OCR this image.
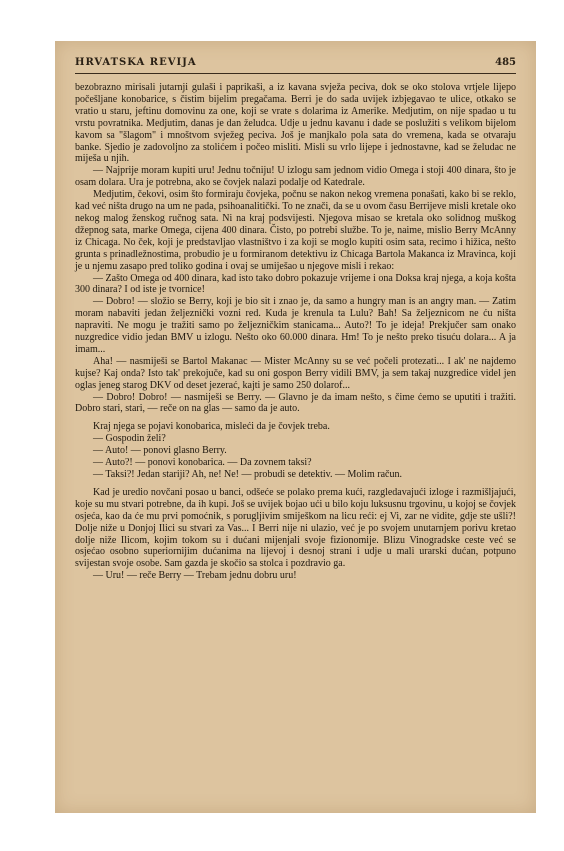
HRVATSKA REVIJA	485

bezobrazno mirisali jutarnji gulaši i paprikaši, a iz kavana svježa peciva, dok se oko stolova vrtjele lijepo počešljane konobarice, s čistim bijelim pregačama. Berri je do sada uvijek izbjegavao te ulice, otkako se vratio u staru, jeftinu domovinu za one, koji se vrate s dolarima iz Amerike. Medjutim, on nije spadao u tu vrstu povratnika. Medjutim, danas je dan želudca. Udje u jednu kavanu i dade se poslužiti s velikom bijelom kavom sa "šlagom" i mnoštvom svježeg peciva. Još je manjkalo pola sata do vremena, kada se otvaraju banke. Sjedio je zadovoljno za stolićem i počeo misliti. Misli su vrlo lijepe i jednostavne, kad se želudac ne miješa u njih.

— Najprije moram kupiti uru! Jednu točniju! U izlogu sam jednom vidio Omega i stoji 400 dinara, što je osam dolara. Ura je potrebna, ako se čovjek nalazi podalje od Katedrale.

Medjutim, čekovi, osim što formiraju čovjeka, počnu se nakon nekog vremena ponašati, kako bi se reklo, kad već ništa drugo na um ne pada, psihoanalitički. To ne znači, da se u ovom času Berrijeve misli kretale oko nekog malog ženskog ručnog sata. Ni na kraj podsvijesti. Njegova misao se kretala oko solidnog muškog džepnog sata, marke Omega, cijena 400 dinara. Čisto, po potrebi službe. To je, naime, mislio Berry McAnny iz Chicaga. No ček, koji je predstavljao vlastništvo i za koji se moglo kupiti osim sata, recimo i hižica, nešto grunta s prinadležnostima, probudio je u formiranom detektivu iz Chicaga Bartola Makanca iz Mravinca, koji je u njemu zasapo pred toliko godina i ovaj se umiješao u njegove misli i rekao:

— Zašto Omega od 400 dinara, kad isto tako dobro pokazuje vrijeme i ona Doksa kraj njega, a koja košta 300 dinara? I od iste je tvornice!

— Dobro! — složio se Berry, koji je bio sit i znao je, da samo a hungry man is an angry man. — Zatim moram nabaviti jedan željeznički vozni red. Kuda je krenula ta Lulu? Bah! Sa željeznicom ne ću ništa napraviti. Ne mogu je tražiti samo po željezničkim stanicama... Auto?! To je ideja! Prekjučer sam onako nuzgredice vidio jedan BMV u izlogu. Nešto oko 60.000 dinara. Hm! To je nešto preko tisuću dolara... A ja imam...

Aha! — nasmiješi se Bartol Makanac — Mister McAnny su se već počeli protezati... I ak' ne najdemo kujse? Kaj onda? Isto tak' prekojuče, kad su oni gospon Berry vidili BMV, ja sem takaj nuzgredice videl jen oglas jeneg starog DKV od deset jezerać, kajti je samo 250 dolarof...

— Dobro! Dobro! — nasmiješi se Berry. — Glavno je da imam nešto, s čime ćemo se uputiti i tražiti. Dobro stari, stari, — reče on na glas — samo da je auto.

Kraj njega se pojavi konobarica, misleći da je čovjek treba.

— Gospodin želi?

— Auto! — ponovi glasno Berry.

— Auto?! — ponovi konobarica. — Da zovnem taksi?

— Taksi?! Jedan stariji? Ah, ne! Ne! — probudi se detektiv. — Molim račun.

Kad je uredio novčani posao u banci, odšeće se polako prema kući, razgledavajući izloge i razmišljajući, koje su mu stvari potrebne, da ih kupi. Još se uvijek bojao ući u bilo koju luksusnu trgovinu, u kojoj se čovjek osjeća, kao da će mu prvi pomoćnik, s porugljivim smiješkom na licu reći: ej Vi, zar ne vidite, gdje ste ušli?! Dolje niže u Donjoj Ilici su stvari za Vas... I Berri nije ni ulazio, već je po svojem unutarnjem porivu kretao dolje niže Ilicom, kojim tokom su i dućani mijenjali svoje fizionomije. Blizu Vinogradske ceste već se osjećao osobno superiornijim dućanima na lijevoj i desnoj strani i udje u mali urarski dućan, potpuno svijestan svoje osobe. Sam gazda je skočio sa stolca i pozdravio ga.

— Uru! — reče Berry — Trebam jednu dobru uru!
